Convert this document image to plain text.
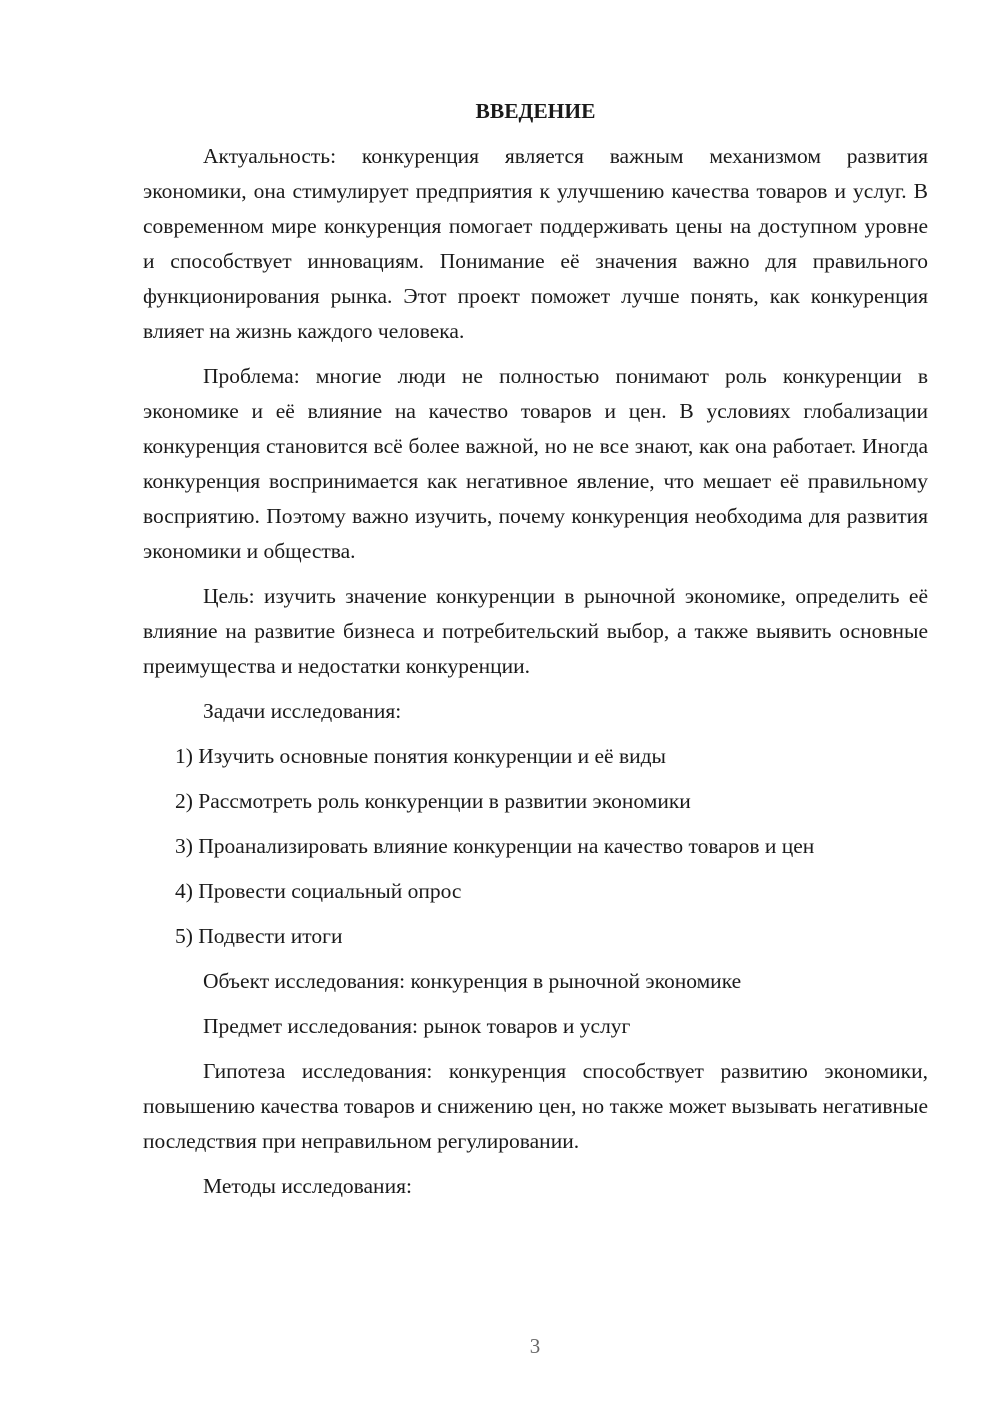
ВВЕДЕНИЕ

Актуальность: конкуренция является важным механизмом развития экономики, она стимулирует предприятия к улучшению качества товаров и услуг. В современном мире конкуренция помогает поддерживать цены на доступном уровне и способствует инновациям. Понимание её значения важно для правильного функционирования рынка. Этот проект поможет лучше понять, как конкуренция влияет на жизнь каждого человека.

Проблема: многие люди не полностью понимают роль конкуренции в экономике и её влияние на качество товаров и цен. В условиях глобализации конкуренция становится всё более важной, но не все знают, как она работает. Иногда конкуренция воспринимается как негативное явление, что мешает её правильному восприятию. Поэтому важно изучить, почему конкуренция необходима для развития экономики и общества.

Цель: изучить значение конкуренции в рыночной экономике, определить её влияние на развитие бизнеса и потребительский выбор, а также выявить основные преимущества и недостатки конкуренции.

Задачи исследования:

1) Изучить основные понятия конкуренции и её виды

2) Рассмотреть роль конкуренции в развитии экономики

3) Проанализировать влияние конкуренции на качество товаров и цен

4) Провести социальный опрос

5) Подвести итоги

Объект исследования: конкуренция в рыночной экономике

Предмет исследования: рынок товаров и услуг

Гипотеза исследования: конкуренция способствует развитию экономики, повышению качества товаров и снижению цен, но также может вызывать негативные последствия при неправильном регулировании.

Методы исследования:

3
